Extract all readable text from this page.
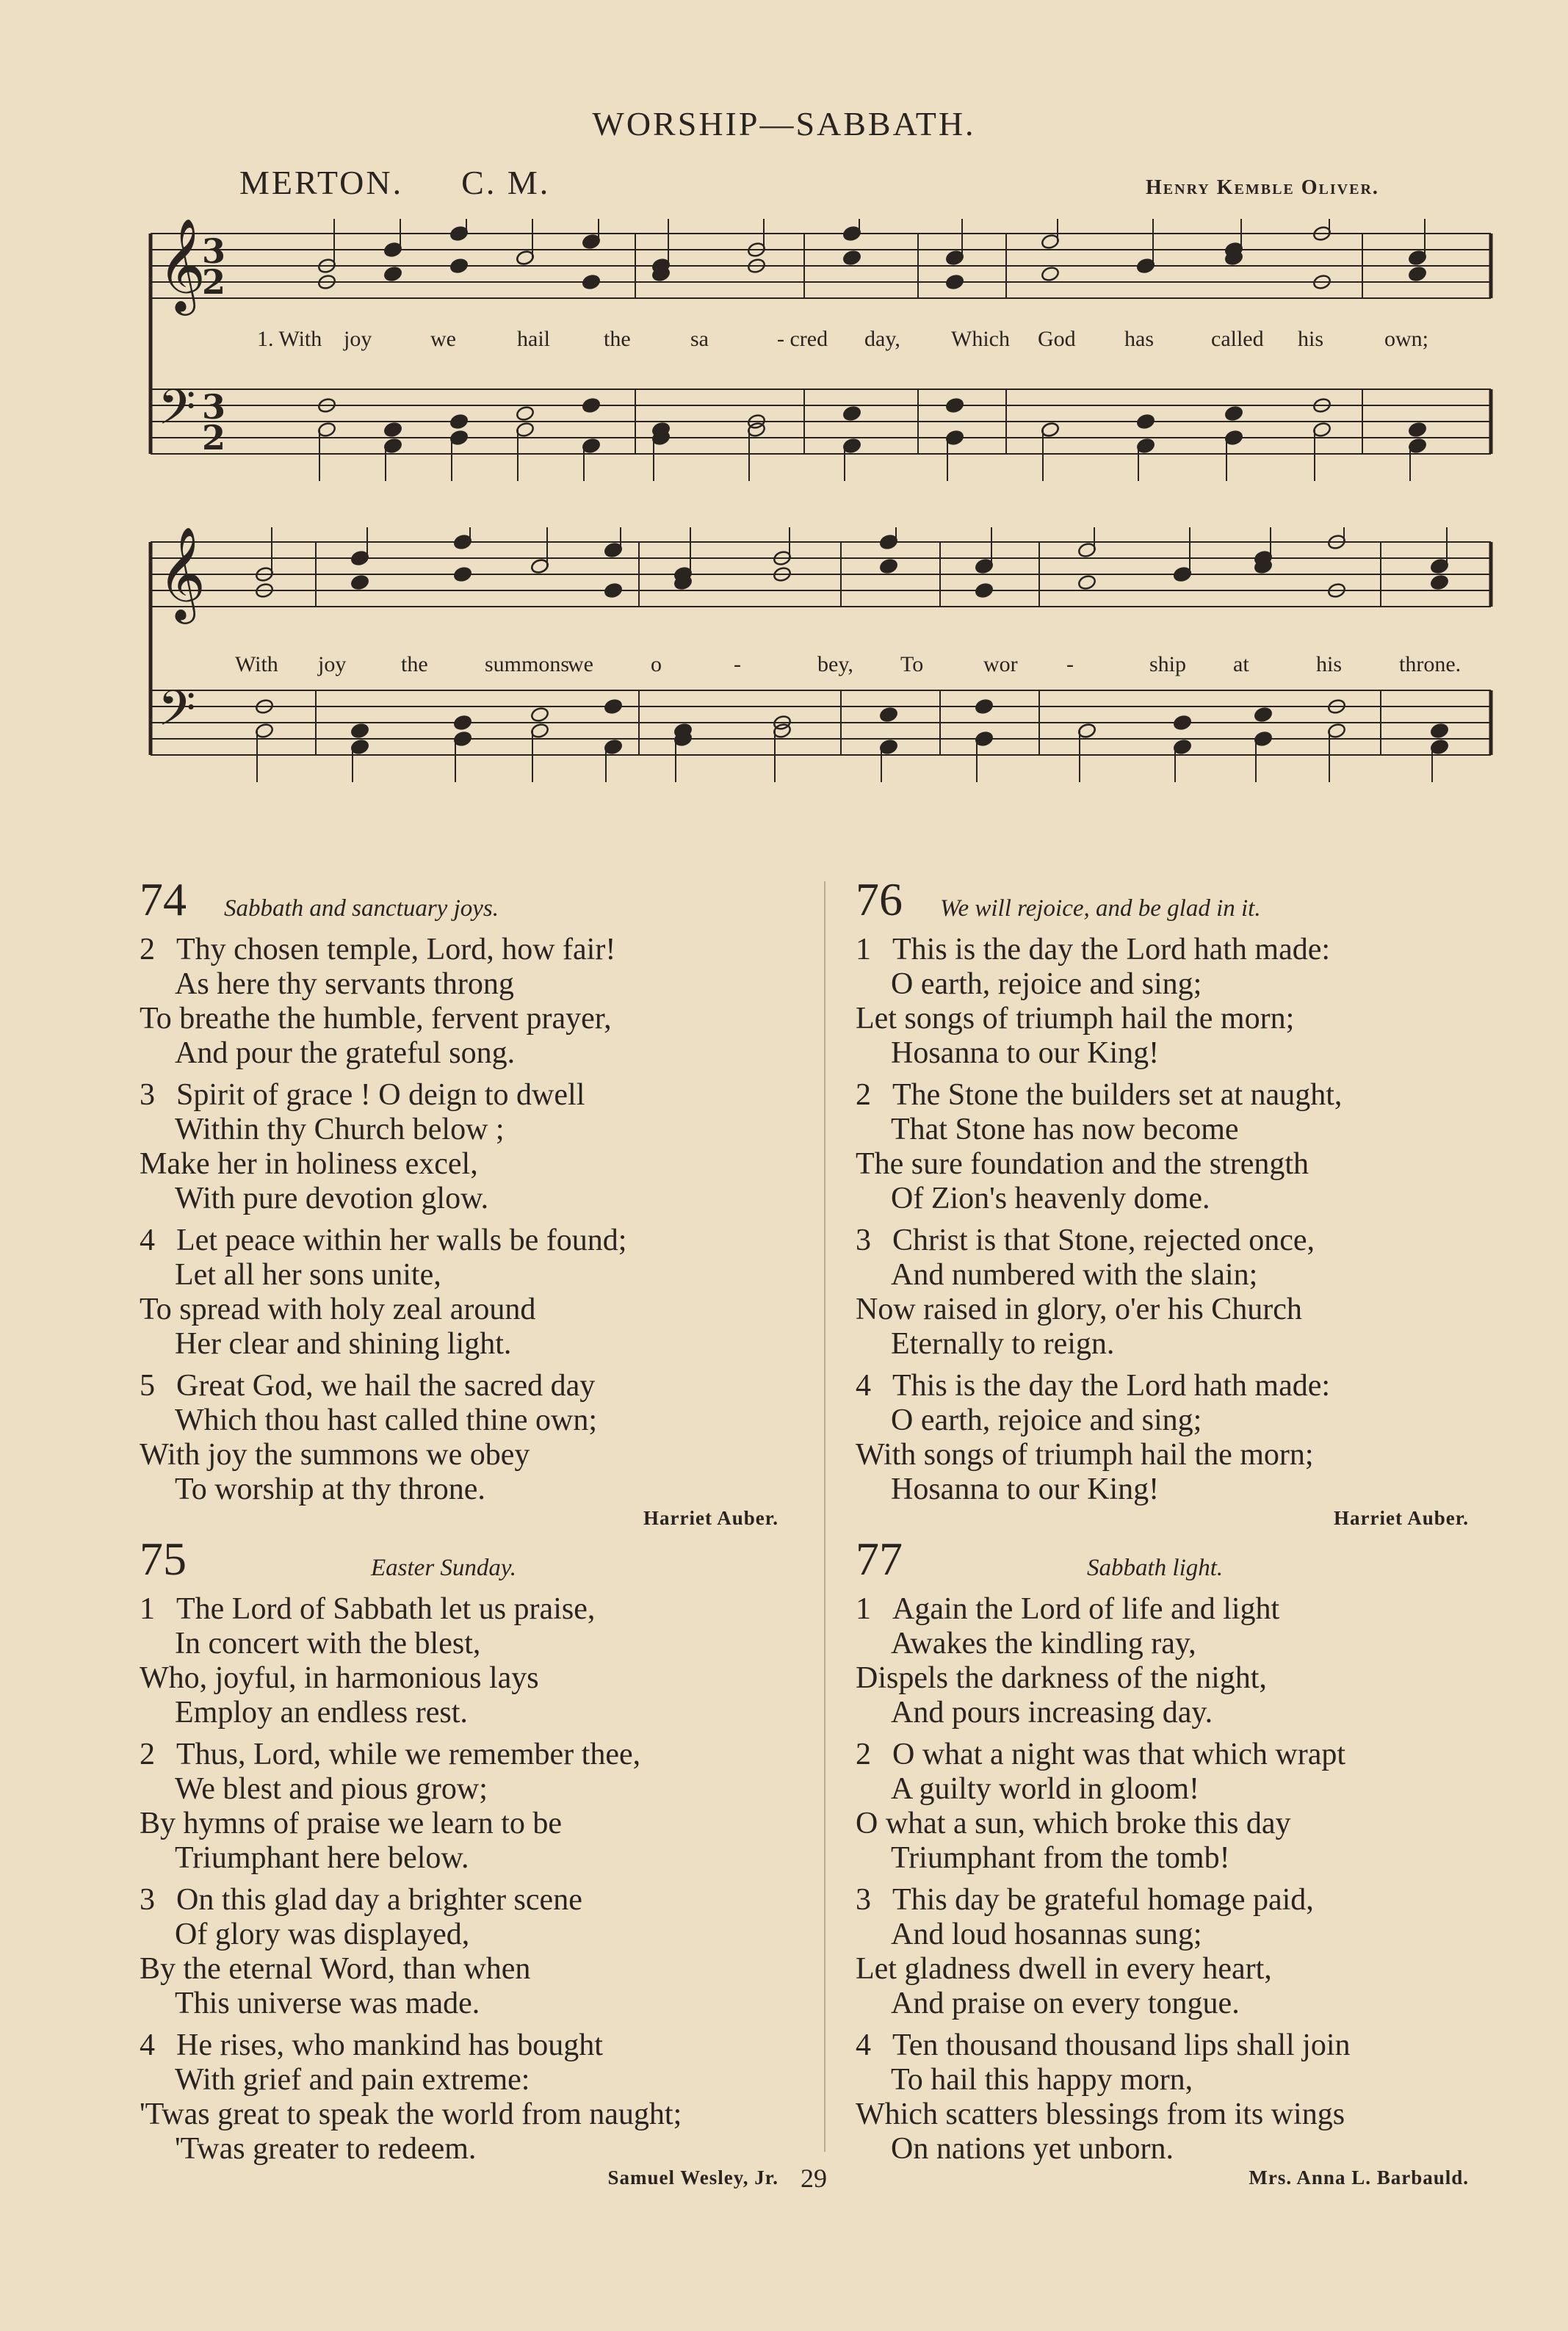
WORSHIP—SABBATH.
MERTON. C. M.	Henry Kemble Oliver.
𝄞
𝄢
3
3
2
2
𝄞
𝄢
1. With joy	we	hail the	sa	- cred day, Which God has	called his	own;
With joy the	summons
we	o	-	bey, To	wor -	ship at	his	throne.
74 Sabbath and sanctuary joys.
2 Thy chosen temple, Lord, how fair!
As here thy servants throng
To breathe the humble, fervent prayer,
And pour the grateful song.
3 Spirit of grace ! O deign to dwell
Within thy Church below ;
Make her in holiness excel,
With pure devotion glow.
4 Let peace within her walls be found;
Let all her sons unite,
To spread with holy zeal around
Her clear and shining light.
5 Great God, we hail the sacred day
Which thou hast called thine own;
With joy the summons we obey
To worship at thy throne.
Harriet Auber.
75	Easter Sunday.
1 The Lord of Sabbath let us praise,
In concert with the blest,
Who, joyful, in harmonious lays
Employ an endless rest.
2 Thus, Lord, while we remember thee,
We blest and pious grow;
By hymns of praise we learn to be
Triumphant here below.
3 On this glad day a brighter scene
Of glory was displayed,
By the eternal Word, than when
This universe was made.
4 He rises, who mankind has bought
With grief and pain extreme:
'Twas great to speak the world from naught;
'Twas greater to redeem.
Samuel Wesley, Jr.
76 We will rejoice, and be glad in it.
1 This is the day the Lord hath made:
O earth, rejoice and sing;
Let songs of triumph hail the morn;
Hosanna to our King!
2 The Stone the builders set at naught,
That Stone has now become
The sure foundation and the strength
Of Zion's heavenly dome.
3 Christ is that Stone, rejected once,
And numbered with the slain;
Now raised in glory, o'er his Church
Eternally to reign.
4 This is the day the Lord hath made:
O earth, rejoice and sing;
With songs of triumph hail the morn;
Hosanna to our King!
Harriet Auber.
77	Sabbath light.
1 Again the Lord of life and light
Awakes the kindling ray,
Dispels the darkness of the night,
And pours increasing day.
2 O what a night was that which wrapt
A guilty world in gloom!
O what a sun, which broke this day
Triumphant from the tomb!
3 This day be grateful homage paid,
And loud hosannas sung;
Let gladness dwell in every heart,
And praise on every tongue.
4 Ten thousand thousand lips shall join
To hail this happy morn,
Which scatters blessings from its wings
On nations yet unborn.
Mrs. Anna L. Barbauld.
29
